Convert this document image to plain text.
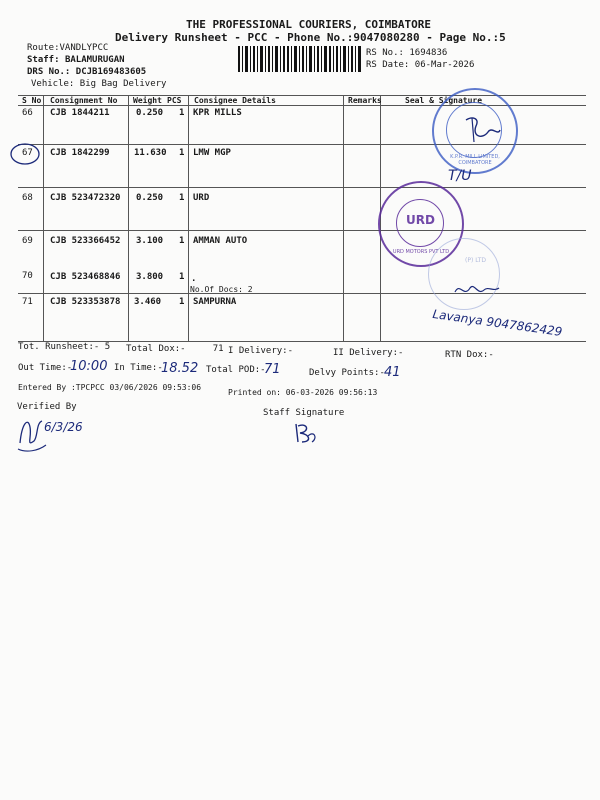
THE PROFESSIONAL COURIERS, COIMBATORE
Delivery Runsheet - PCC - Phone No.:9047080280 - Page No.:5
Route:VANDLYPCC
Staff: BALAMURUGAN
DRS No.: DCJB169483605
Vehicle: Big Bag Delivery
RS No.: 1694836
RS Date: 06-Mar-2026
S No Consignment No Weight PCS Consignee Details	Remarks	Seal & Signature
66 CJB 1844211	0.250 1 KPR MILLS
67 CJB 1842299	11.630 1 LMW MGP
68 CJB 523472320 0.250 1 URD
69 CJB 523366452 3.100 1 AMMAN AUTO
70 CJB 523468846 3.800 1 .
No.Of Docs: 2
71 CJB 523353878 3.460 1 SAMPURNA
K.P.R. MILL LIMITED, COIMBATORE
T/U
URD
URD MOTORS PVT LTD
(P) LTD
Lavanya 9047862429
Tot. Runsheet:- 5 Total Dox:-	71 I Delivery:-	II Delivery:-	RTN Dox:-
Out Time:-
10:00 In Time:-
18.52 Total POD:-
71	Delvy Points:- 41
Entered By :TPCPCC 03/06/2026 09:53:06
Printed on: 06-03-2026 09:56:13
Verified By
6/3/26
Staff Signature
